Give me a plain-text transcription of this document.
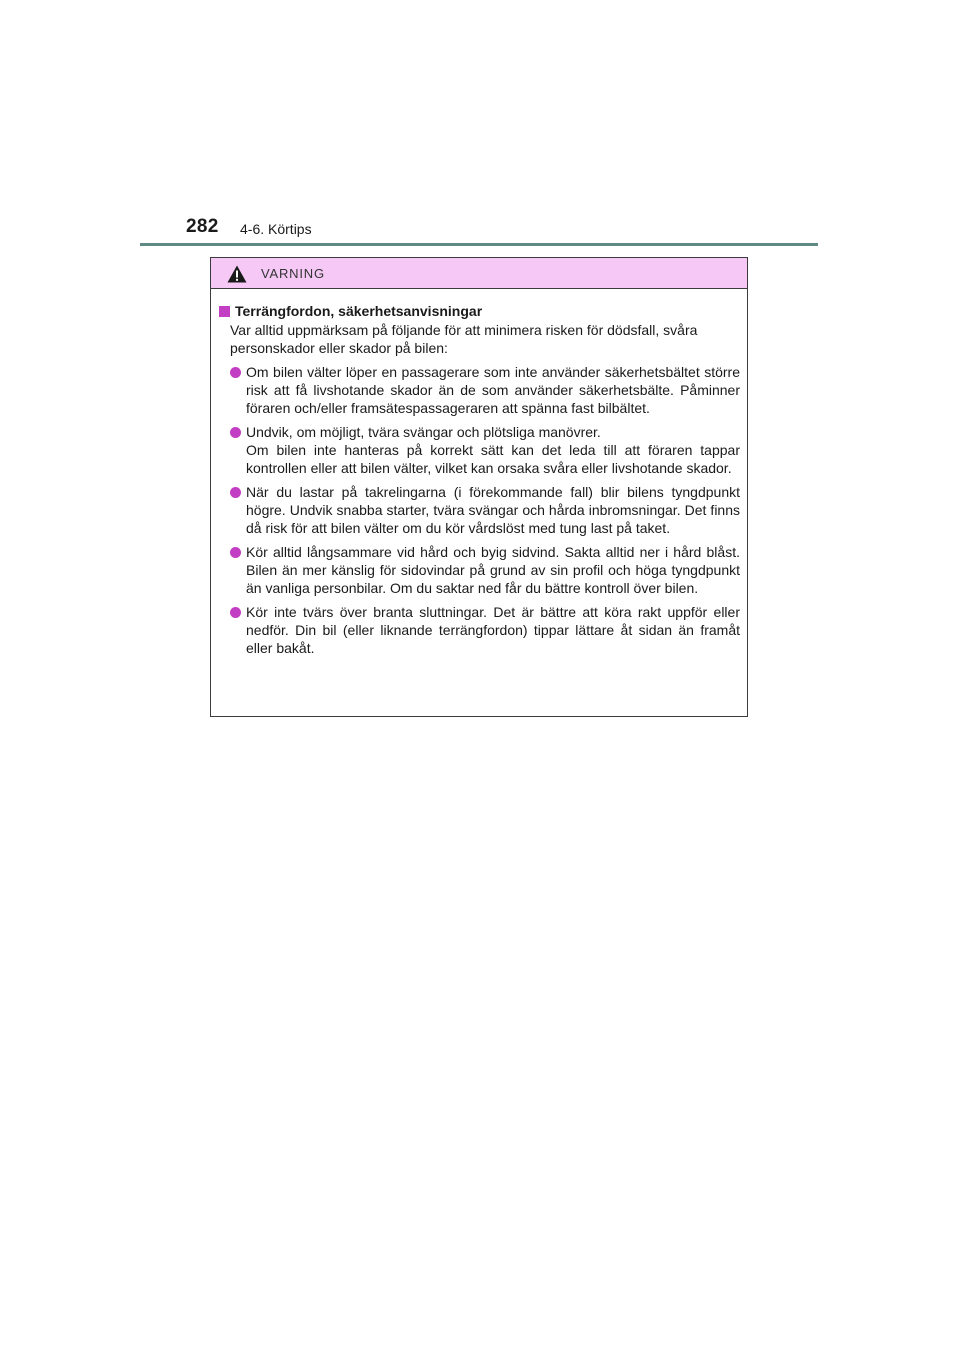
282 4-6. Körtips
VARNING
Terrängfordon, säkerhetsanvisningar
Var alltid uppmärksam på följande för att minimera risken för dödsfall, svåra personskador eller skador på bilen:

Om bilen välter löper en passagerare som inte använder säkerhetsbältet större risk att få livshotande skador än de som använder säkerhetsbälte. Påminner föraren och/eller framsätespassageraren att spänna fast bilbältet.

Undvik, om möjligt, tvära svängar och plötsliga manövrer.

Om bilen inte hanteras på korrekt sätt kan det leda till att föraren tappar kontrollen eller att bilen välter, vilket kan orsaka svåra eller livshotande skador.

När du lastar på takrelingarna (i förekommande fall) blir bilens tyngdpunkt högre. Undvik snabba starter, tvära svängar och hårda inbromsningar. Det finns då risk för att bilen välter om du kör vårdslöst med tung last på taket.

Kör alltid långsammare vid hård och byig sidvind. Sakta alltid ner i hård blåst. Bilen än mer känslig för sidovindar på grund av sin profil och höga tyngdpunkt än vanliga personbilar. Om du saktar ned får du bättre kontroll över bilen.

Kör inte tvärs över branta sluttningar. Det är bättre att köra rakt uppför eller nedför. Din bil (eller liknande terrängfordon) tippar lättare åt sidan än framåt eller bakåt.
